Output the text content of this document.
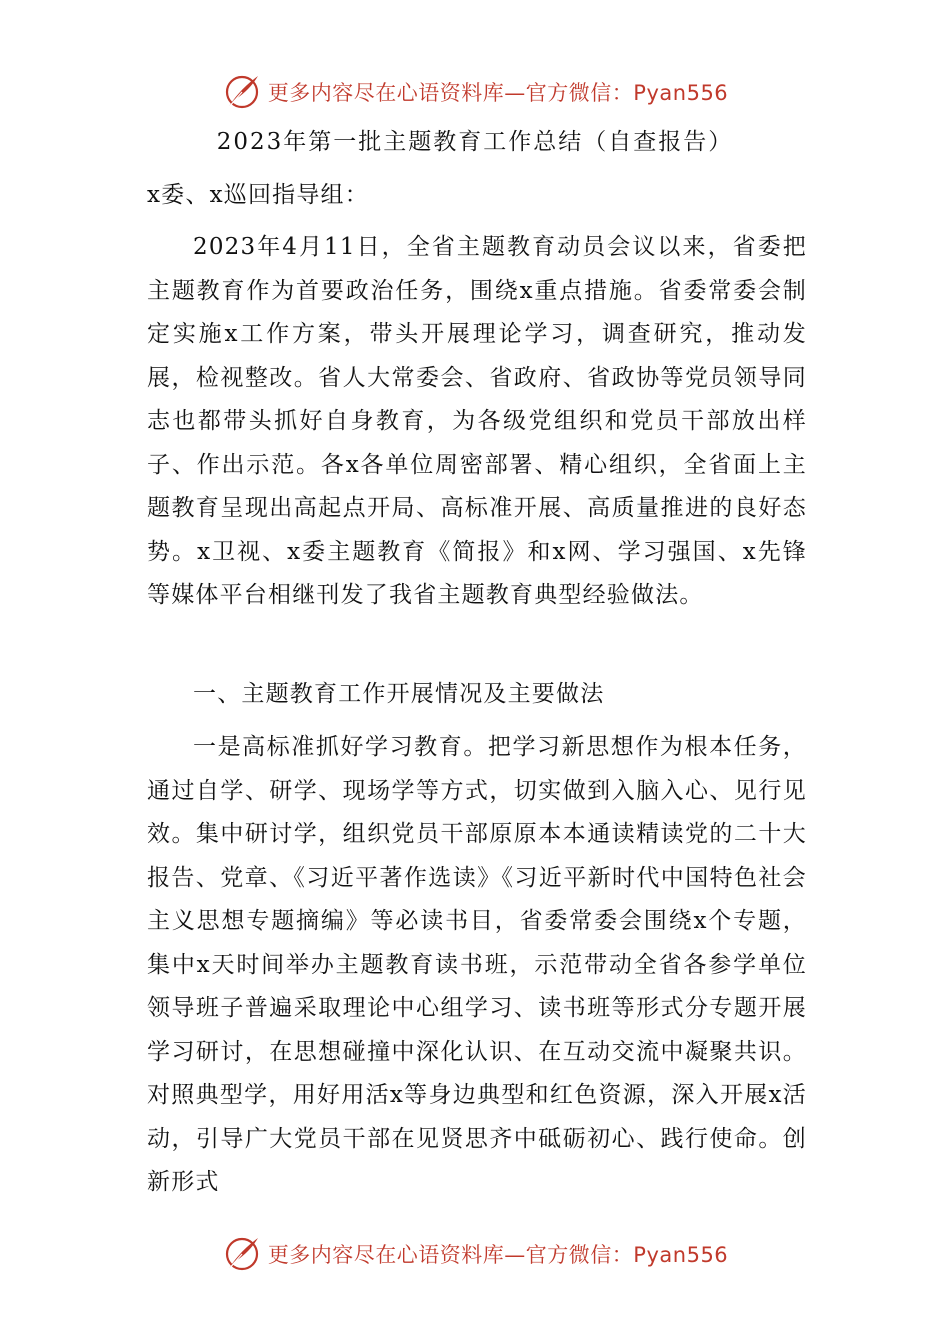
更多内容尽在心语资料库—官方微信：Pyan556
2023年第一批主题教育工作总结（自查报告）

x委、x巡回指导组：

2023年4月11日，全省主题教育动员会议以来，省委把主题教育作为首要政治任务，围绕x重点措施。省委常委会制定实施x工作方案，带头开展理论学习，调查研究，推动发展，检视整改。省人大常委会、省政府、省政协等党员领导同志也都带头抓好自身教育，为各级党组织和党员干部放出样子、作出示范。各x各单位周密部署、精心组织，全省面上主题教育呈现出高起点开局、高标准开展、高质量推进的良好态势。x卫视、x委主题教育《简报》和x网、学习强国、x先锋等媒体平台相继刊发了我省主题教育典型经验做法。

一、主题教育工作开展情况及主要做法

一是高标准抓好学习教育。把学习新思想作为根本任务，通过自学、研学、现场学等方式，切实做到入脑入心、见行见效。集中研讨学，组织党员干部原原本本通读精读党的二十大报告、党章、《习近平著作选读》《习近平新时代中国特色社会主义思想专题摘编》等必读书目，省委常委会围绕x个专题，集中x天时间举办主题教育读书班，示范带动全省各参学单位领导班子普遍采取理论中心组学习、读书班等形式分专题开展学习研讨，在思想碰撞中深化认识、在互动交流中凝聚共识。对照典型学，用好用活x等身边典型和红色资源，深入开展x活动，引导广大党员干部在见贤思齐中砥砺初心、践行使命。创新形式

更多内容尽在心语资料库—官方微信：Pyan556
